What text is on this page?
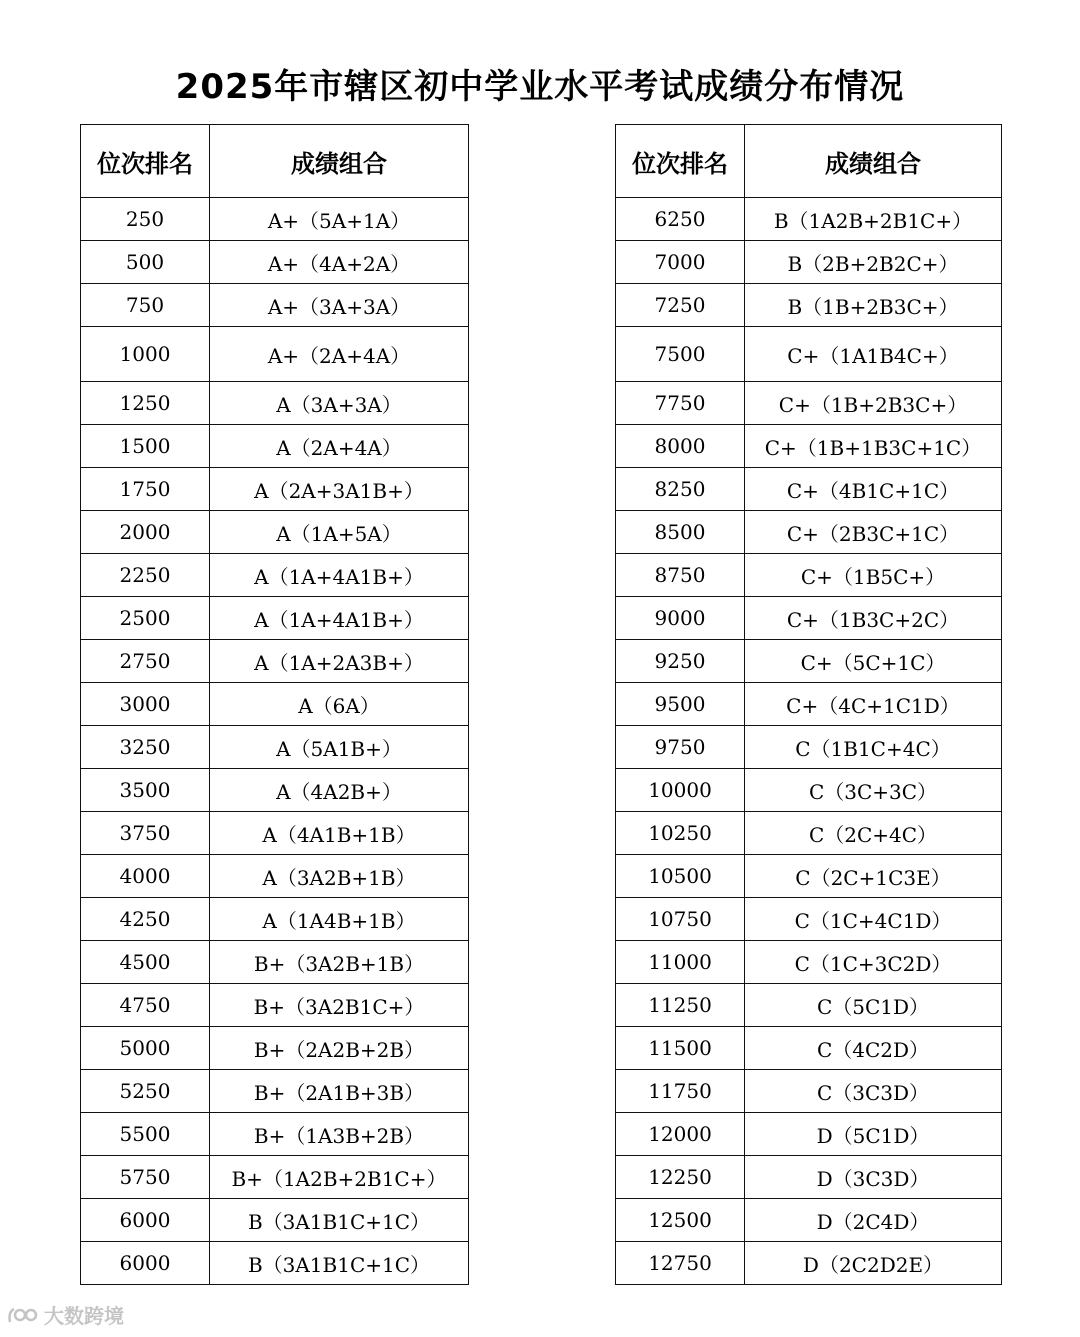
2025年市辖区初中学业水平考试成绩分布情况
位次排名	成绩组合
250	A+（5A+1A）
500	A+（4A+2A）
750	A+（3A+3A）
1000	A+（2A+4A）
1250	A（3A+3A）
1500	A（2A+4A）
1750	A（2A+3A1B+）
2000	A（1A+5A）
2250	A（1A+4A1B+）
2500	A（1A+4A1B+）
2750	A（1A+2A3B+）
3000	A（6A）
3250	A（5A1B+）
3500	A（4A2B+）
3750	A（4A1B+1B）
4000	A（3A2B+1B）
4250	A（1A4B+1B）
4500	B+（3A2B+1B）
4750	B+（3A2B1C+）
5000	B+（2A2B+2B）
5250	B+（2A1B+3B）
5500	B+（1A3B+2B）
5750	B+（1A2B+2B1C+）
6000	B（3A1B1C+1C）
6000	B（3A1B1C+1C）
位次排名	成绩组合
6250	B（1A2B+2B1C+）
7000	B（2B+2B2C+）
7250	B（1B+2B3C+）
7500	C+（1A1B4C+）
7750	C+（1B+2B3C+）
8000	C+（1B+1B3C+1C）
8250	C+（4B1C+1C）
8500	C+（2B3C+1C）
8750	C+（1B5C+）
9000	C+（1B3C+2C）
9250	C+（5C+1C）
9500	C+（4C+1C1D）
9750	C（1B1C+4C）
10000	C（3C+3C）
10250	C（2C+4C）
10500	C（2C+1C3E）
10750	C（1C+4C1D）
11000	C（1C+3C2D）
11250	C（5C1D）
11500	C（4C2D）
11750	C（3C3D）
12000	D（5C1D）
12250	D（3C3D）
12500	D（2C4D）
12750	D（2C2D2E）
大数跨境
